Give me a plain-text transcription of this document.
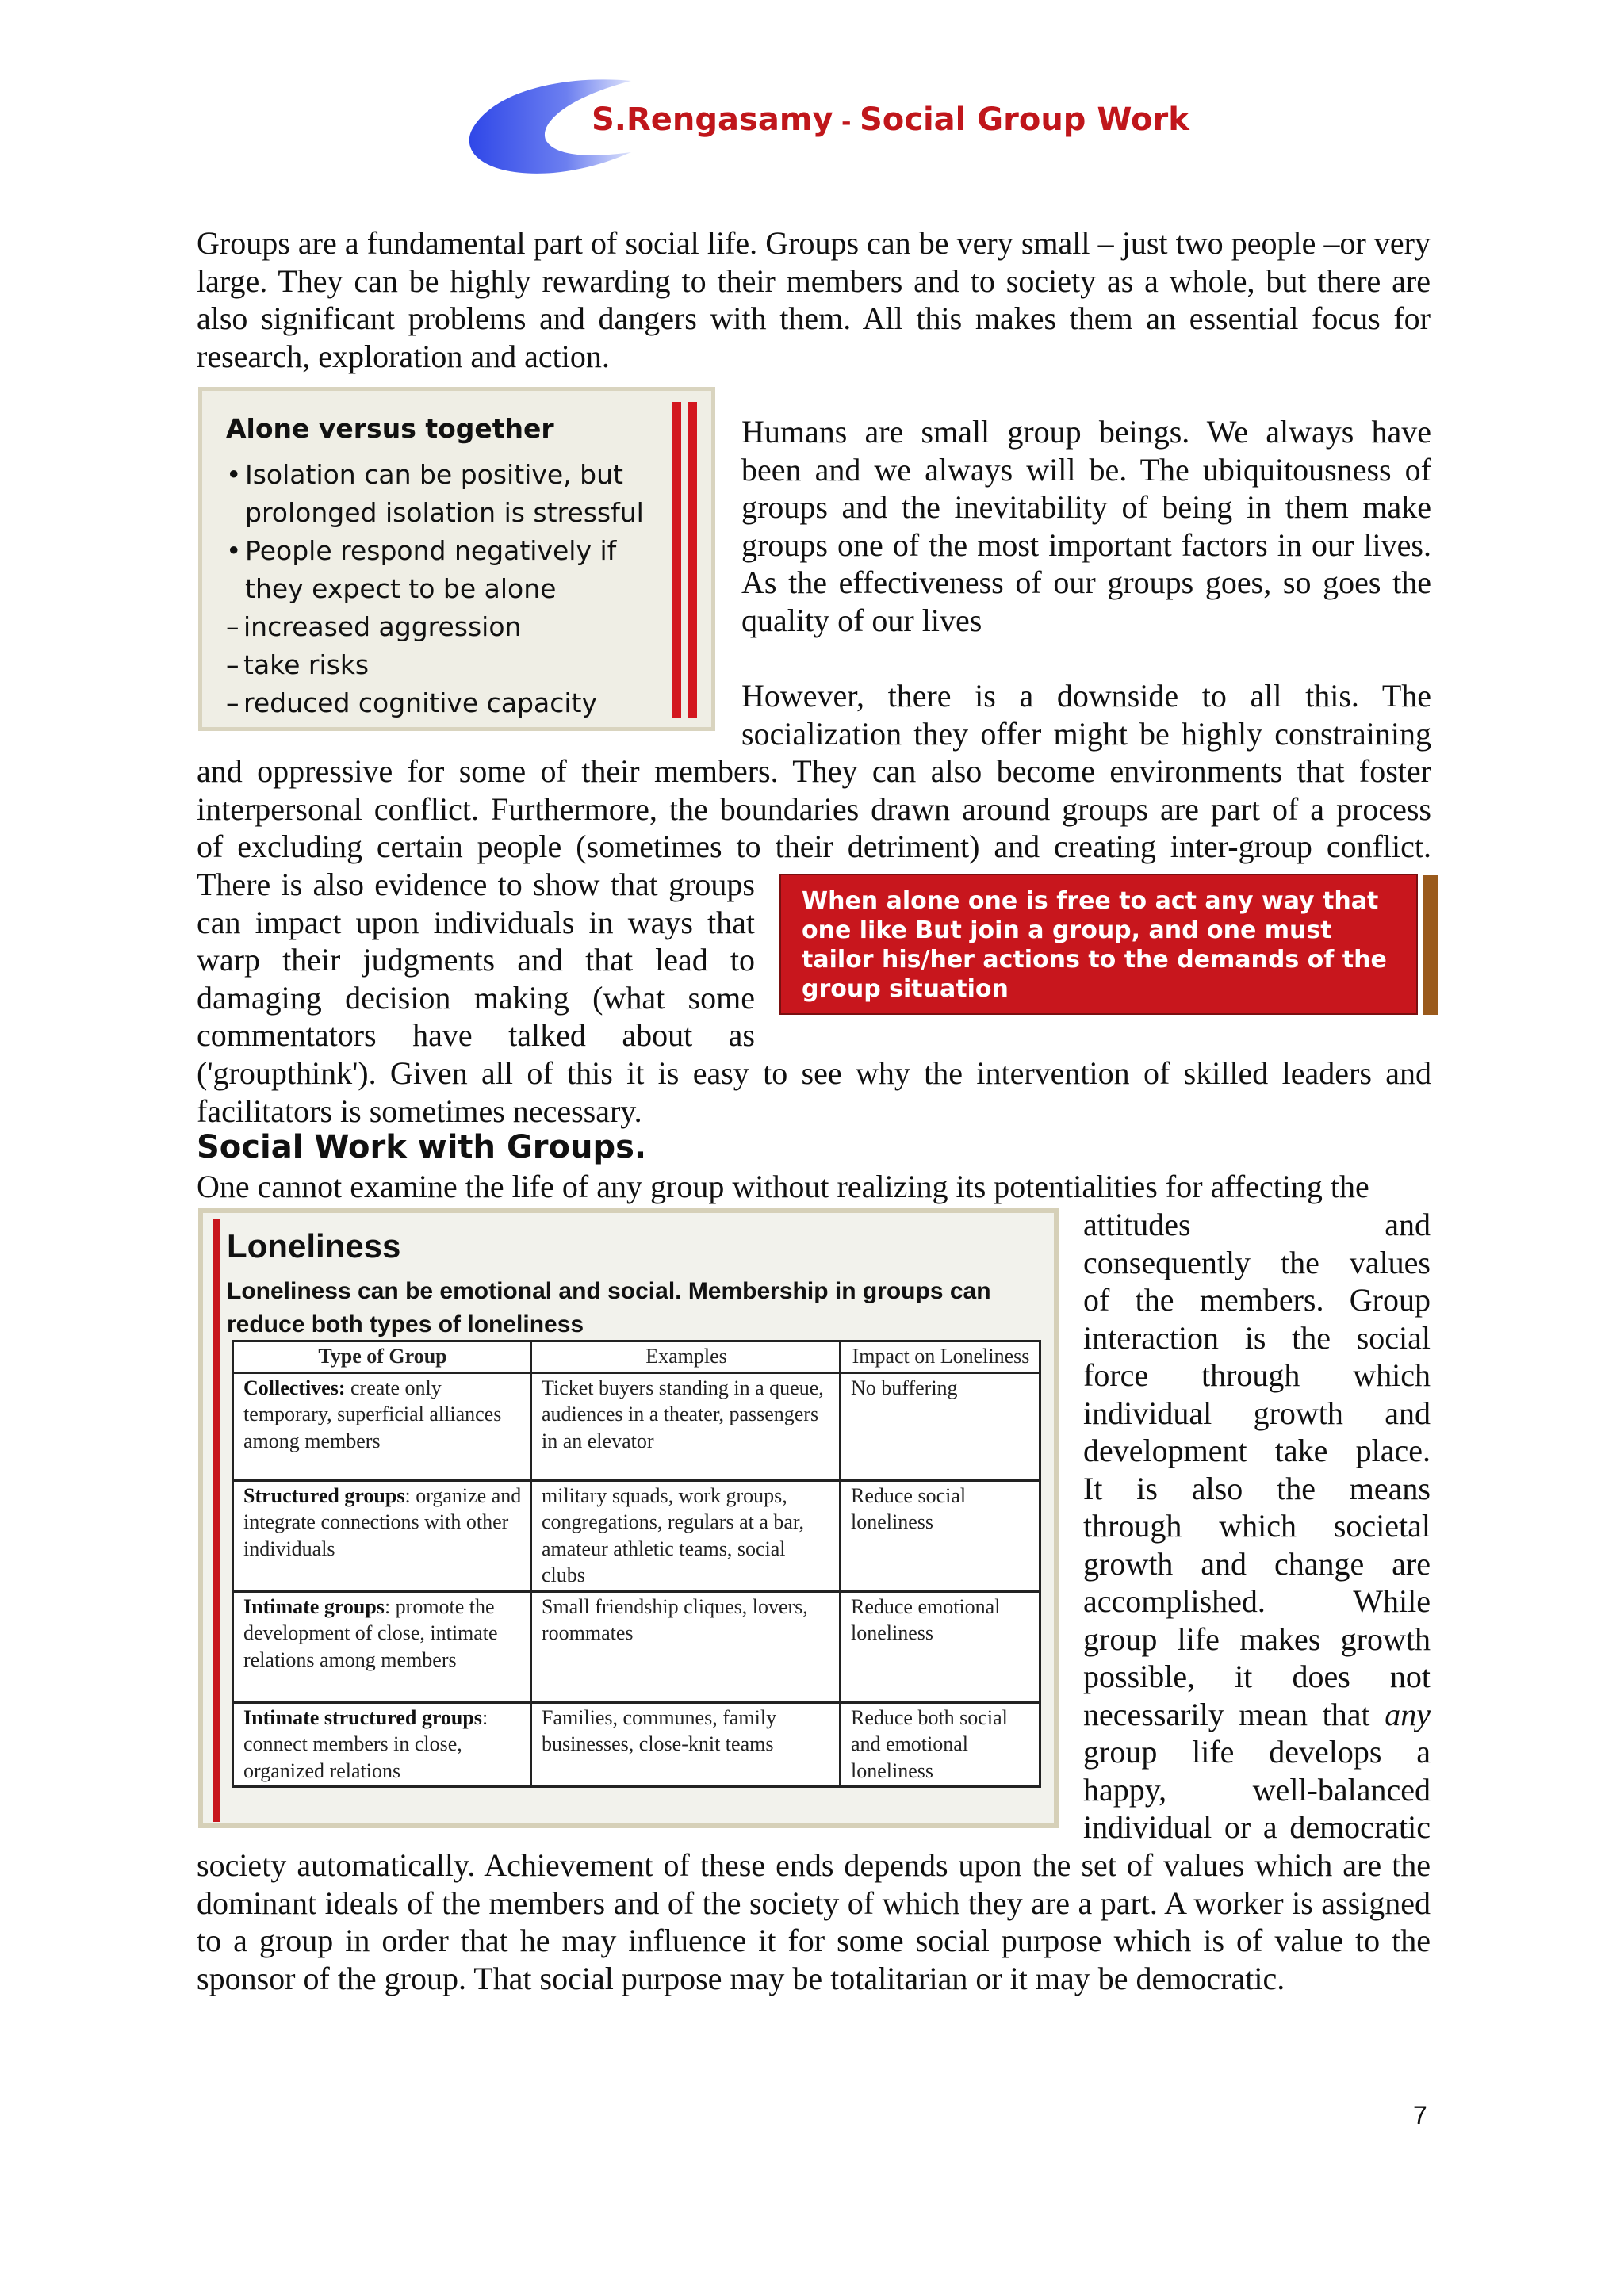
S.Rengasamy - Social Group Work

Groups are a fundamental part of social life. Groups can be very small – just two people –or very large. They can be highly rewarding to their members and to society as a whole, but there are also significant problems and dangers with them. All this makes them an essential focus for research, exploration and action.

Alone versus together
• Isolation can be positive, but prolonged isolation is stressful
• People respond negatively if they expect to be alone
– increased aggression
– take risks
– reduced cognitive capacity

Humans are small group beings. We always have been and we always will be. The ubiquitousness of groups and the inevitability of being in them make groups one of the most important factors in our lives. As the effectiveness of our groups goes, so goes the quality of our lives

However, there is a downside to all this. The
socialization they offer might be highly constraining
and oppressive for some of their members. They can also become environments that foster
interpersonal conflict. Furthermore, the boundaries drawn around groups are part of a process
of excluding certain people (sometimes to their detriment) and creating inter-group conflict.
There is also evidence to show that groups
can impact upon individuals in ways that
warp their judgments and that lead to
damaging decision making (what some
commentators have talked about as
('groupthink'). Given all of this it is easy to see why the intervention of skilled leaders and
facilitators is sometimes necessary.
When alone one is free to act any way that one like But join a group, and one must tailor his/her actions to the demands of the group situation
Social Work with Groups.
One cannot examine the life of any group without realizing its potentialities for affecting the
Loneliness
Loneliness can be emotional and social. Membership in groups can reduce both types of loneliness
Type of Group	Examples	Impact on Loneliness
Collectives: create only temporary, superficial alliances among members	Ticket buyers standing in a queue, audiences in a theater, passengers in an elevator	No buffering
Structured groups: organize and integrate connections with other individuals	military squads, work groups, congregations, regulars at a bar, amateur athletic teams, social clubs	Reduce social loneliness
Intimate groups: promote the development of close, intimate relations among members	Small friendship cliques, lovers, roommates	Reduce emotional loneliness
Intimate structured groups: connect members in close, organized relations	Families, communes, family businesses, close-knit teams	Reduce both social and emotional loneliness
attitudes and
consequently the values
of the members. Group
interaction is the social
force through which
individual growth and
development take place.
It is also the means
through which societal
growth and change are
accomplished. While
group life makes growth
possible, it does not
necessarily mean that any
group life develops a
happy, well-balanced
individual or a democratic

society automatically. Achievement of these ends depends upon the set of values which are the dominant ideals of the members and of the society of which they are a part. A worker is assigned to a group in order that he may influence it for some social purpose which is of value to the sponsor of the group. That social purpose may be totalitarian or it may be democratic.

7
